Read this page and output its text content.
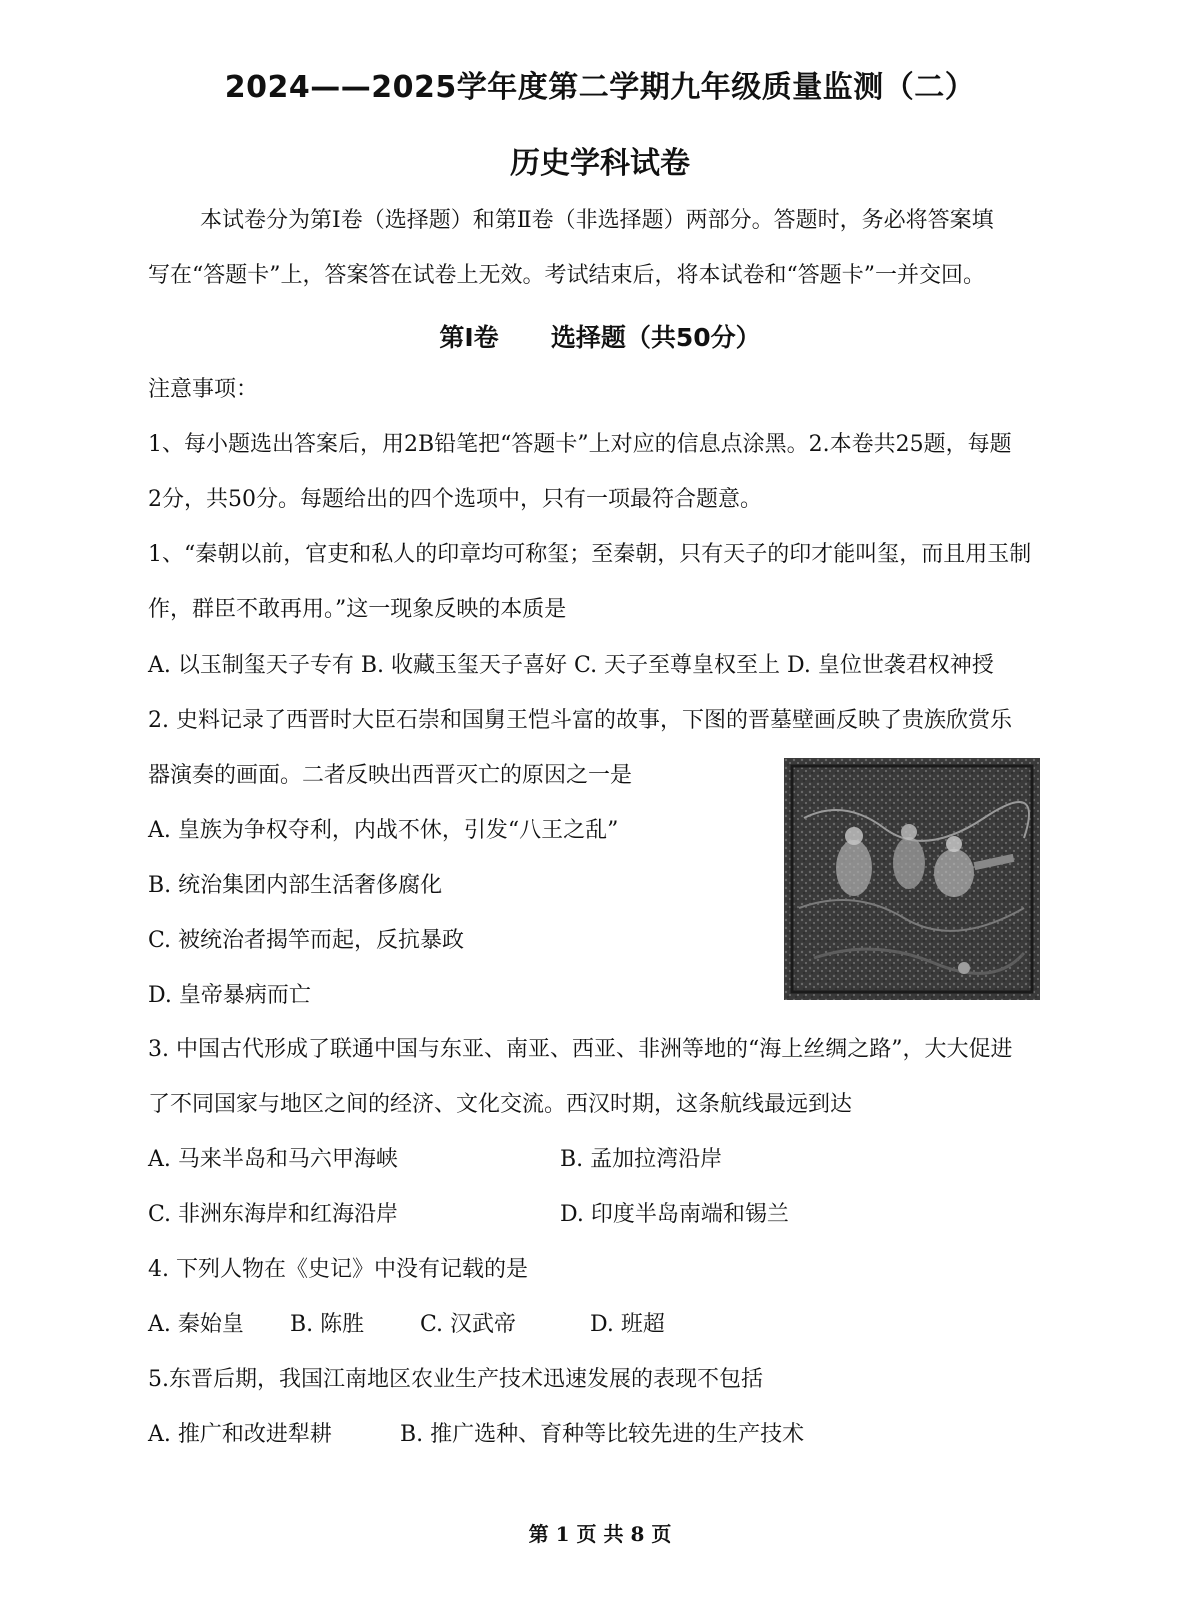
2024——2025学年度第二学期九年级质量监测（二）
历史学科试卷
本试卷分为第Ⅰ卷（选择题）和第Ⅱ卷（非选择题）两部分。答题时，务必将答案填
写在“答题卡”上，答案答在试卷上无效。考试结束后，将本试卷和“答题卡”一并交回。
第Ⅰ卷      选择题（共50分）
注意事项：
1、每小题选出答案后，用2B铅笔把“答题卡”上对应的信息点涂黑。2.本卷共25题，每题
2分，共50分。每题给出的四个选项中，只有一项最符合题意。
1、“秦朝以前，官吏和私人的印章均可称玺；至秦朝，只有天子的印才能叫玺，而且用玉制
作，群臣不敢再用。”这一现象反映的本质是
A. 以玉制玺天子专有 B. 收藏玉玺天子喜好 C. 天子至尊皇权至上 D. 皇位世袭君权神授
2. 史料记录了西晋时大臣石崇和国舅王恺斗富的故事，下图的晋墓壁画反映了贵族欣赏乐
器演奏的画面。二者反映出西晋灭亡的原因之一是
A. 皇族为争权夺利，内战不休，引发“八王之乱”
B. 统治集团内部生活奢侈腐化
C. 被统治者揭竿而起，反抗暴政
D. 皇帝暴病而亡
3. 中国古代形成了联通中国与东亚、南亚、西亚、非洲等地的“海上丝绸之路”，大大促进
了不同国家与地区之间的经济、文化交流。西汉时期，这条航线最远到达
A. 马来半岛和马六甲海峡	B. 孟加拉湾沿岸
C. 非洲东海岸和红海沿岸	D. 印度半岛南端和锡兰
4. 下列人物在《史记》中没有记载的是
A. 秦始皇 B. 陈胜	C. 汉武帝	D. 班超
5.东晋后期，我国江南地区农业生产技术迅速发展的表现不包括
A. 推广和改进犁耕	B. 推广选种、育种等比较先进的生产技术
第 1 页 共 8 页
